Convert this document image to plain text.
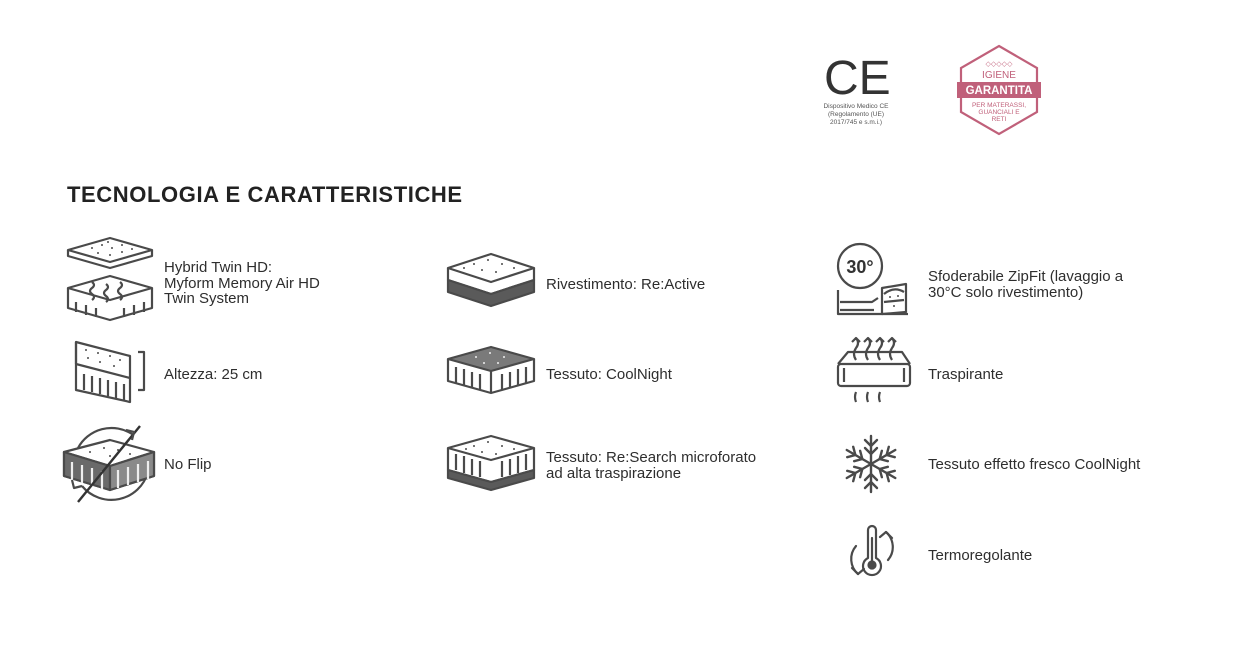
CE
Dispositivo Medico CE
(Regolamento (UE)
2017/745 e s.m.i.)
◇◇◇◇◇
IGIENE
GARANTITA
PER MATERASSI,
GUANCIALI E
RETI
TECNOLOGIA E CARATTERISTICHE
Hybrid Twin HD:
Myform Memory Air HD
Twin System
Altezza: 25 cm
No Flip
Rivestimento: Re:Active
Tessuto: CoolNight
Tessuto: Re:Search microforato
ad alta traspirazione
30°	Sfoderabile ZipFit (lavaggio a
30°C solo rivestimento)
Traspirante
Tessuto effetto fresco CoolNight
Termoregolante
